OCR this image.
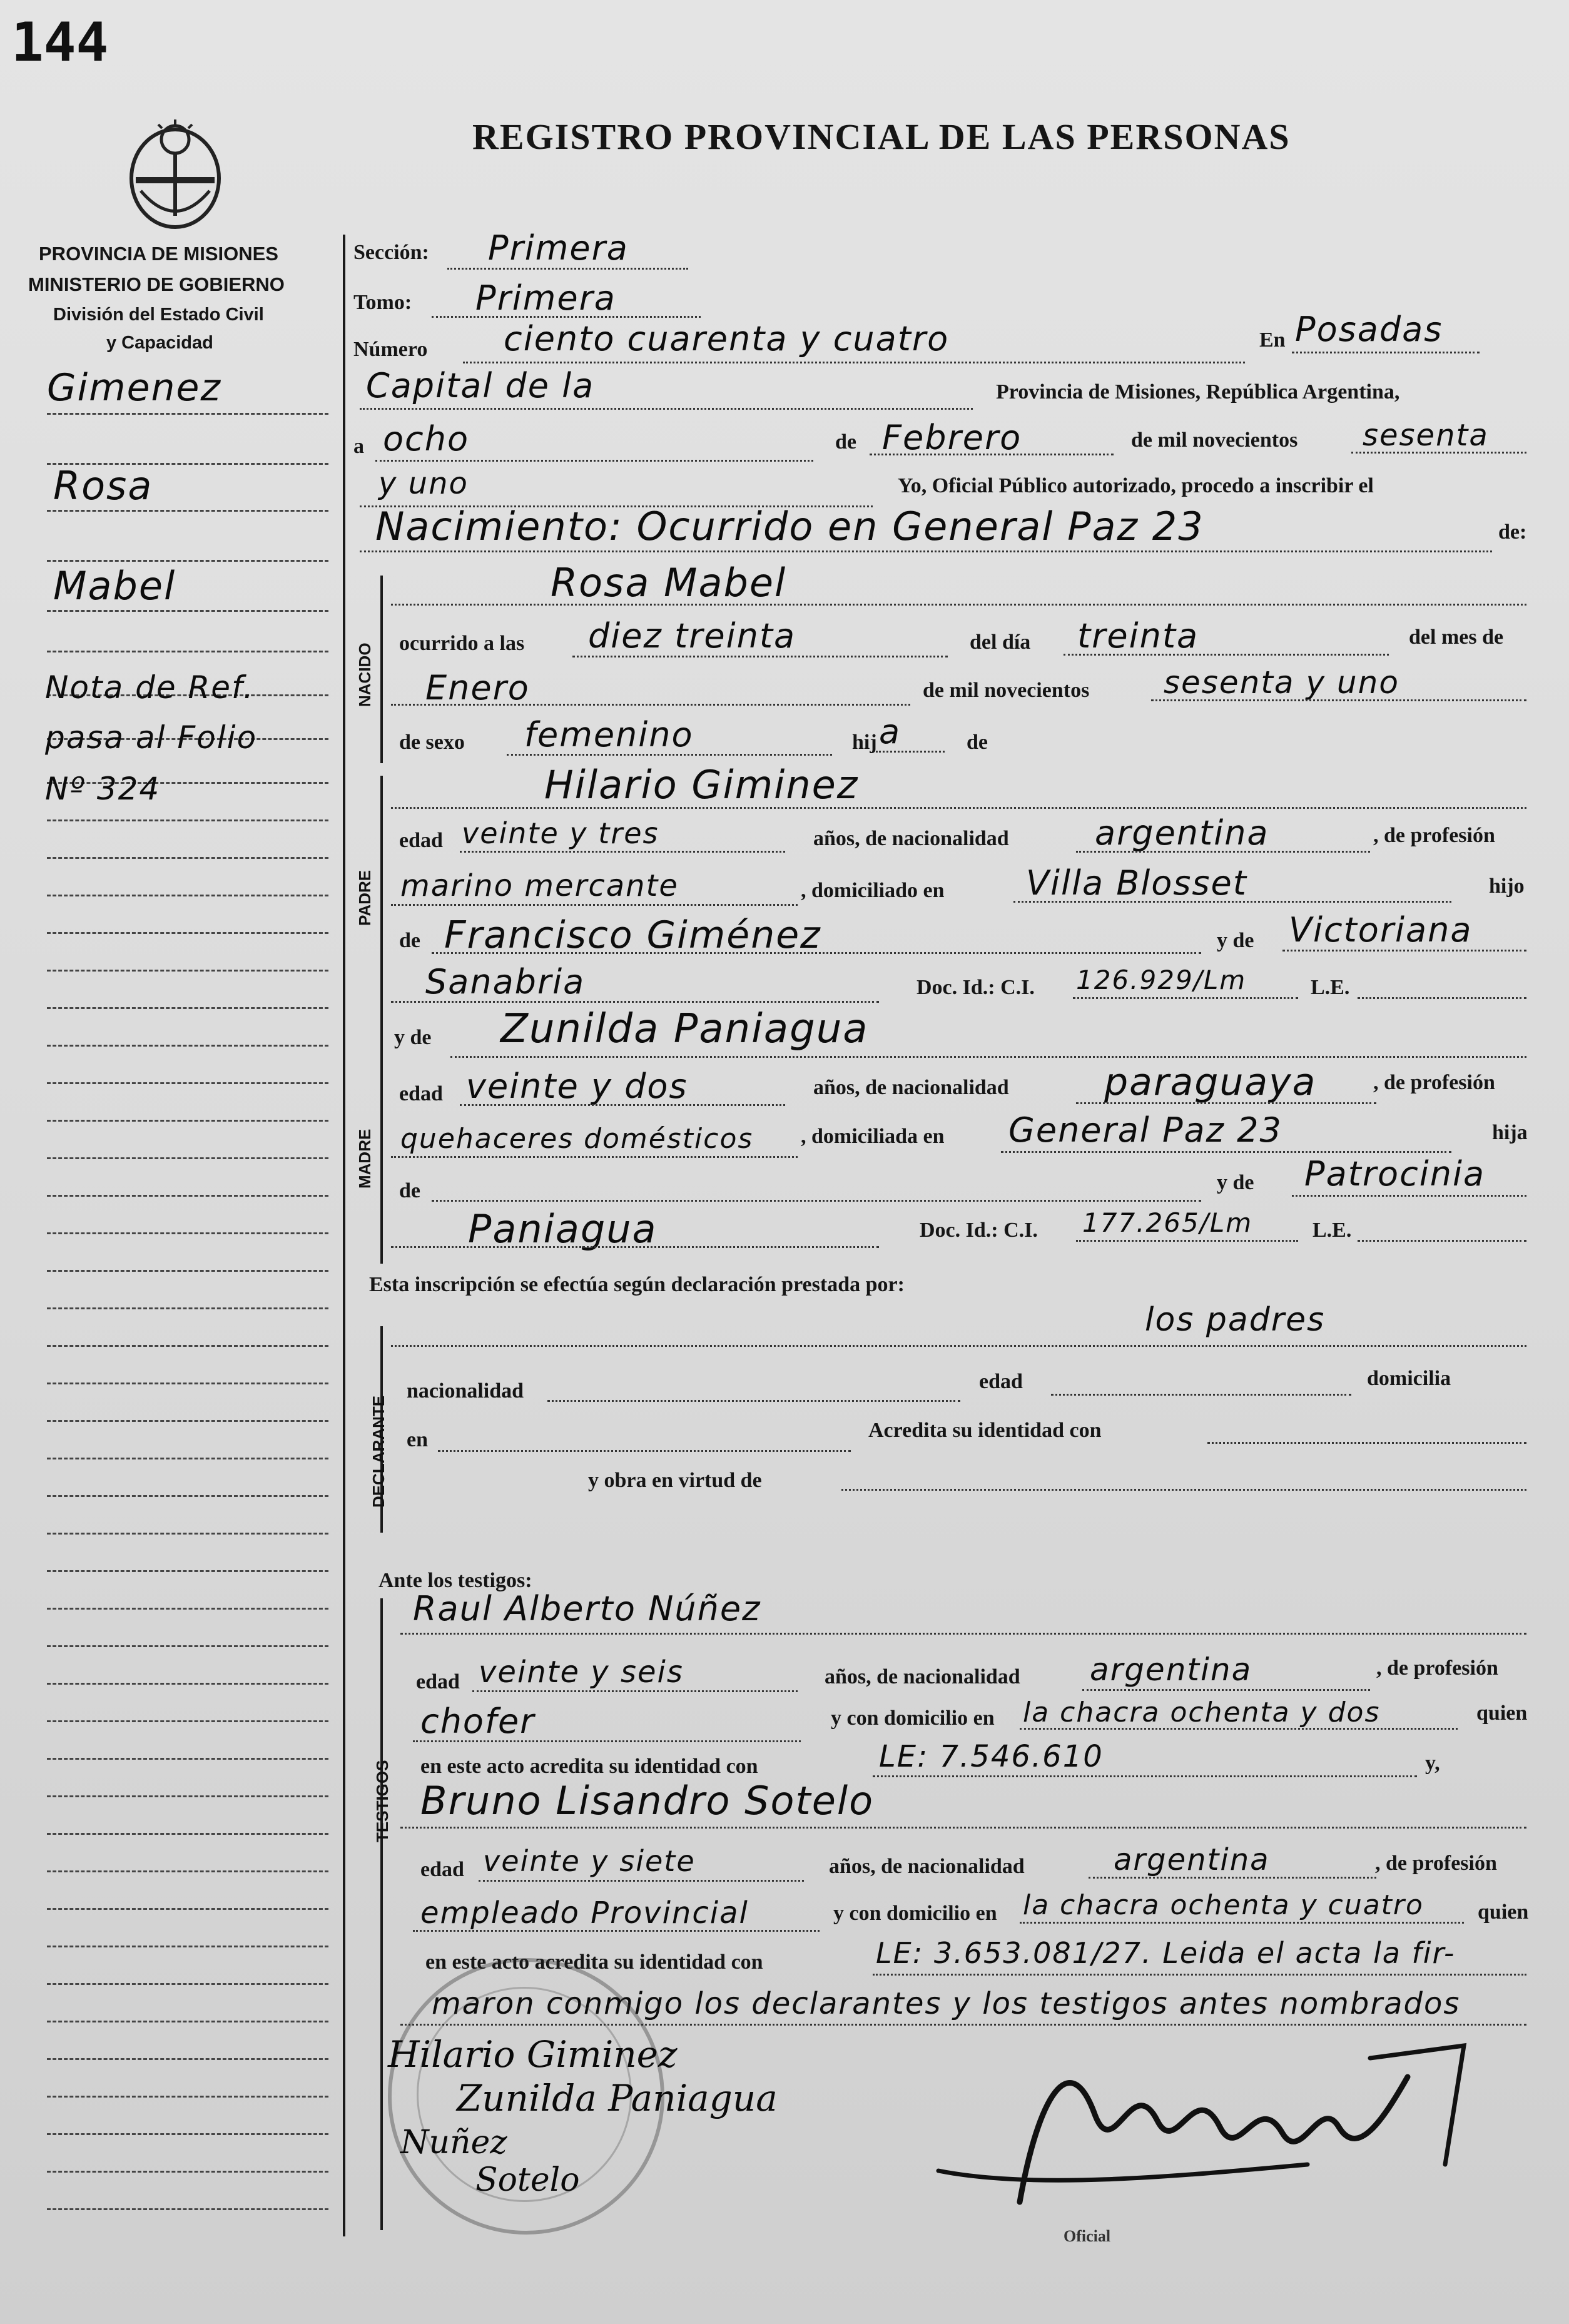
144
REGISTRO PROVINCIAL DE LAS PERSONAS
PROVINCIA DE MISIONES
MINISTERIO DE GOBIERNO
División del Estado Civil
y Capacidad
Gimenez
Rosa
Mabel
Nota de Ref.
pasa al Folio
Nº 324
Sección: Primera
Tomo: Primera
Número ciento cuarenta y cuatro	En Posadas
Capital de la	Provincia de Misiones, República Argentina,
a ocho	de Febrero	de mil novecientos sesenta
y uno	Yo, Oficial Público autorizado, procedo a inscribir el
Nacimiento: Ocurrido en General Paz 23	de:
NACIDO
Rosa Mabel
ocurrido a las diez treinta	del día treinta	del mes de
Enero	de mil novecientos sesenta y uno
de sexo femenino	hij a	de
PADRE
Hilario Giminez
edad veinte y tres	años, de nacionalidad	argentina	, de profesión
marino mercante	, domiciliado en Villa Blosset	hijo
de Francisco Giménez	y de Victoriana
Sanabria	Doc. Id.: C.I. 126.929/Lm	L.E.
MADRE
y de Zunilda Paniagua
edad veinte y dos	años, de nacionalidad	paraguaya	, de profesión
quehaceres domésticos , domiciliada en General Paz 23	hija
de	y de Patrocinia
Paniagua	Doc. Id.: C.I. 177.265/Lm	L.E.
Esta inscripción se efectúa según declaración prestada por:
los padres
DECLARANTE
nacionalidad	edad	domicilia
en	Acredita su identidad con
y obra en virtud de
Ante los testigos:
TESTIGOS
Raul Alberto Núñez
edad veinte y seis	años, de nacionalidad argentina	, de profesión
chofer	y con domicilio en la chacra ochenta y dos	quien
en este acto acredita su identidad con	LE: 7.546.610	y,
Bruno Lisandro Sotelo
edad veinte y siete	años, de nacionalidad	argentina	, de profesión
empleado Provincial	y con domicilio en la chacra ochenta y cuatro	quien
en este acto acredita su identidad con	LE: 3.653.081/27. Leida el acta la fir-
maron conmigo los declarantes y los testigos antes nombrados
Hilario Giminez
Zunilda Paniagua
Nuñez
Sotelo
Oficial
